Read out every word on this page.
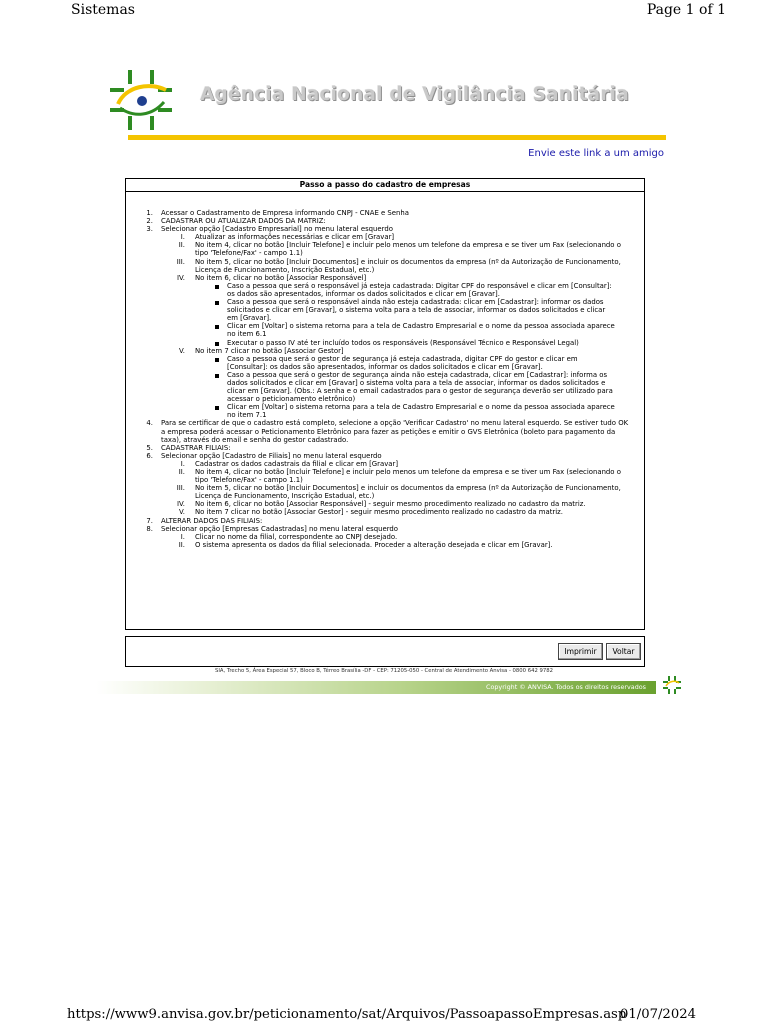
Sistemas	Page 1 of 1
Agência Nacional de Vigilância Sanitária
Envie este link a um amigo
Passo a passo do cadastro de empresas
1. Acessar o Cadastramento de Empresa informando CNPJ - CNAE e Senha
2. CADASTRAR OU ATUALIZAR DADOS DA MATRIZ:
3. Selecionar opção [Cadastro Empresarial] no menu lateral esquerdo
I. Atualizar as informações necessárias e clicar em [Gravar]
II. No item 4, clicar no botão [Incluir Telefone] e incluir pelo menos um telefone da empresa e se tiver um Fax (selecionando o tipo 'Telefone/Fax' - campo 1.1)
III. No item 5, clicar no botão [Incluir Documentos] e incluir os documentos da empresa (nº da Autorização de Funcionamento, Licença de Funcionamento, Inscrição Estadual, etc.)
IV. No item 6, clicar no botão [Associar Responsável]
Caso a pessoa que será o responsável já esteja cadastrada: Digitar CPF do responsável e clicar em [Consultar]: os dados são apresentados, informar os dados solicitados e clicar em [Gravar].
Caso a pessoa que será o responsável ainda não esteja cadastrada: clicar em [Cadastrar]: informar os dados solicitados e clicar em [Gravar], o sistema volta para a tela de associar, informar os dados solicitados e clicar em [Gravar].
Clicar em [Voltar] o sistema retorna para a tela de Cadastro Empresarial e o nome da pessoa associada aparece no item 6.1
Executar o passo IV até ter incluído todos os responsáveis (Responsável Técnico e Responsável Legal)
V. No item 7 clicar no botão [Associar Gestor]
Caso a pessoa que será o gestor de segurança já esteja cadastrada, digitar CPF do gestor e clicar em [Consultar]: os dados são apresentados, informar os dados solicitados e clicar em [Gravar].
Caso a pessoa que será o gestor de segurança ainda não esteja cadastrada, clicar em [Cadastrar]: informa os dados solicitados e clicar em [Gravar] o sistema volta para a tela de associar, informar os dados solicitados e clicar em [Gravar]. (Obs.: A senha e o email cadastrados para o gestor de segurança deverão ser utilizado para acessar o peticionamento eletrônico)
Clicar em [Voltar] o sistema retorna para a tela de Cadastro Empresarial e o nome da pessoa associada aparece no item 7.1
4. Para se certificar de que o cadastro está completo, selecione a opção 'Verificar Cadastro' no menu lateral esquerdo. Se estiver tudo OK a empresa poderá acessar o Peticionamento Eletrônico para fazer as petições e emitir o GVS Eletrônica (boleto para pagamento da taxa), através do email e senha do gestor cadastrado.
5. CADASTRAR FILIAIS:
6. Selecionar opção [Cadastro de Filiais] no menu lateral esquerdo
I. Cadastrar os dados cadastrais da filial e clicar em [Gravar]
II. No item 4, clicar no botão [Incluir Telefone] e incluir pelo menos um telefone da empresa e se tiver um Fax (selecionando o tipo 'Telefone/Fax' - campo 1.1)
III. No item 5, clicar no botão [Incluir Documentos] e incluir os documentos da empresa (nº da Autorização de Funcionamento, Licença de Funcionamento, Inscrição Estadual, etc.)
IV. No item 6, clicar no botão [Associar Responsável] - seguir mesmo procedimento realizado no cadastro da matriz.
V. No item 7 clicar no botão [Associar Gestor] - seguir mesmo procedimento realizado no cadastro da matriz.
7. ALTERAR DADOS DAS FILIAIS:
8. Selecionar opção [Empresas Cadastradas] no menu lateral esquerdo
I. Clicar no nome da filial, correspondente ao CNPJ desejado.
II. O sistema apresenta os dados da filial selecionada. Proceder a alteração desejada e clicar em [Gravar].
Imprimir	Voltar
SIA, Trecho 5, Área Especial 57, Bloco B, Térreo Brasília -DF - CEP: 71205-050 - Central de Atendimento Anvisa - 0800 642 9782
Copyright © ANVISA. Todos os direitos reservados
https://www9.anvisa.gov.br/peticionamento/sat/Arquivos/PassoapassoEmpresas.asp
01/07/2024
